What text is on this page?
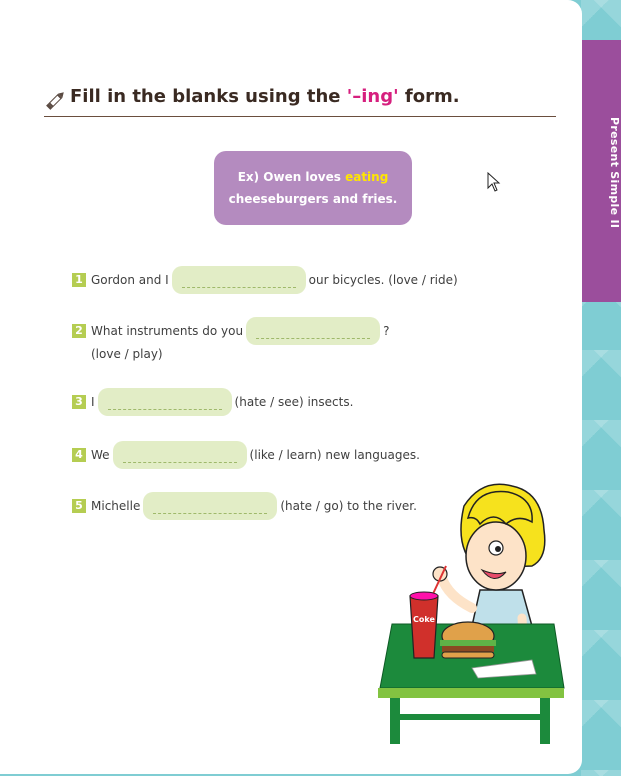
Present Simple II
Fill in the blanks using the '–ing' form.
Ex) Owen loves eating
cheeseburgers and fries.
1 Gordon and I	our bicycles. (love / ride)
2 What instruments do you	?
(love / play)
3 I	(hate / see) insects.
4 We	(like / learn) new languages.
5 Michelle	(hate / go) to the river.
Coke
